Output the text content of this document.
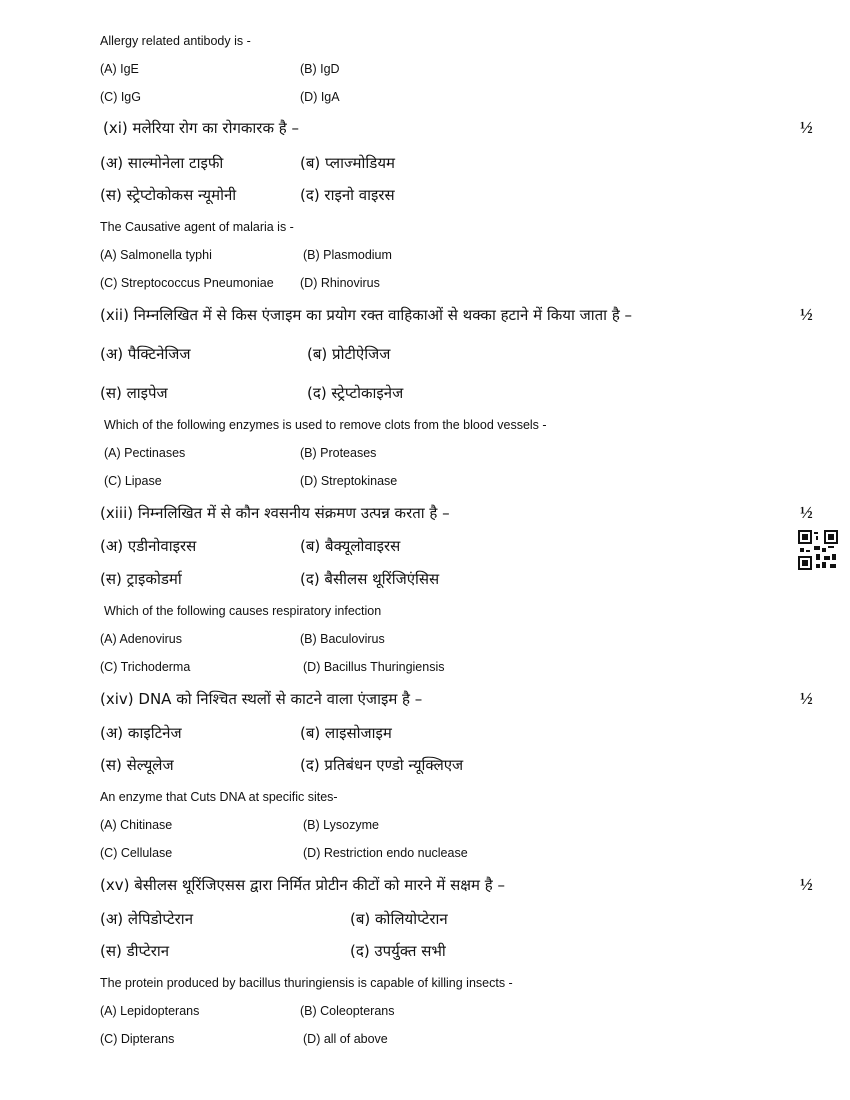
Allergy related antibody is -
(A) IgE	(B) IgD
(C) IgG	(D) IgA
(xi) मलेरिया रोग का रोगकारक है –	½
(अ) साल्मोनेला टाइफी	(ब) प्लाज्मोडियम
(स) स्ट्रेप्टोकोकस न्यूमोनी	(द) राइनो वाइरस
The Causative agent of malaria is -
(A) Salmonella typhi	(B) Plasmodium
(C) Streptococcus Pneumoniae (D) Rhinovirus
(xii) निम्नलिखित में से किस एंजाइम का प्रयोग रक्त वाहिकाओं से थक्का हटाने में किया जाता है –	½
(अ) पैक्टिनेजिज	(ब) प्रोटीऐजिज
(स) लाइपेज	(द) स्ट्रेप्टोकाइनेज
Which of the following enzymes is used to remove clots from the blood vessels -
(A) Pectinases	(B) Proteases
(C) Lipase	(D) Streptokinase
(xiii) निम्नलिखित में से कौन श्वसनीय संक्रमण उत्पन्न करता है –	½
(अ) एडीनोवाइरस	(ब) बैक्यूलोवाइरस
(स) ट्राइकोडर्मा	(द) बैसीलस थूरिंजिएंसिस
Which of the following causes respiratory infection
(A) Adenovirus	(B) Baculovirus
(C) Trichoderma	(D) Bacillus Thuringiensis
(xiv) DNA को निश्चित स्थलों से काटने वाला एंजाइम है –	½
(अ) काइटिनेज	(ब) लाइसोजाइम
(स) सेल्यूलेज	(द) प्रतिबंधन एण्डो न्यूक्लिएज
An enzyme that Cuts DNA at specific sites-
(A) Chitinase	(B) Lysozyme
(C) Cellulase	(D) Restriction endo nuclease
(xv) बेसीलस थूरिंजिएसस द्वारा निर्मित प्रोटीन कीटों को मारने में सक्षम है –	½
(अ) लेपिडोप्टेरान	(ब) कोलियोप्टेरान
(स) डीप्टेरान	(द) उपर्युक्त सभी
The protein produced by bacillus thuringiensis is capable of killing insects -
(A) Lepidopterans	(B) Coleopterans
(C) Dipterans	(D) all of above
